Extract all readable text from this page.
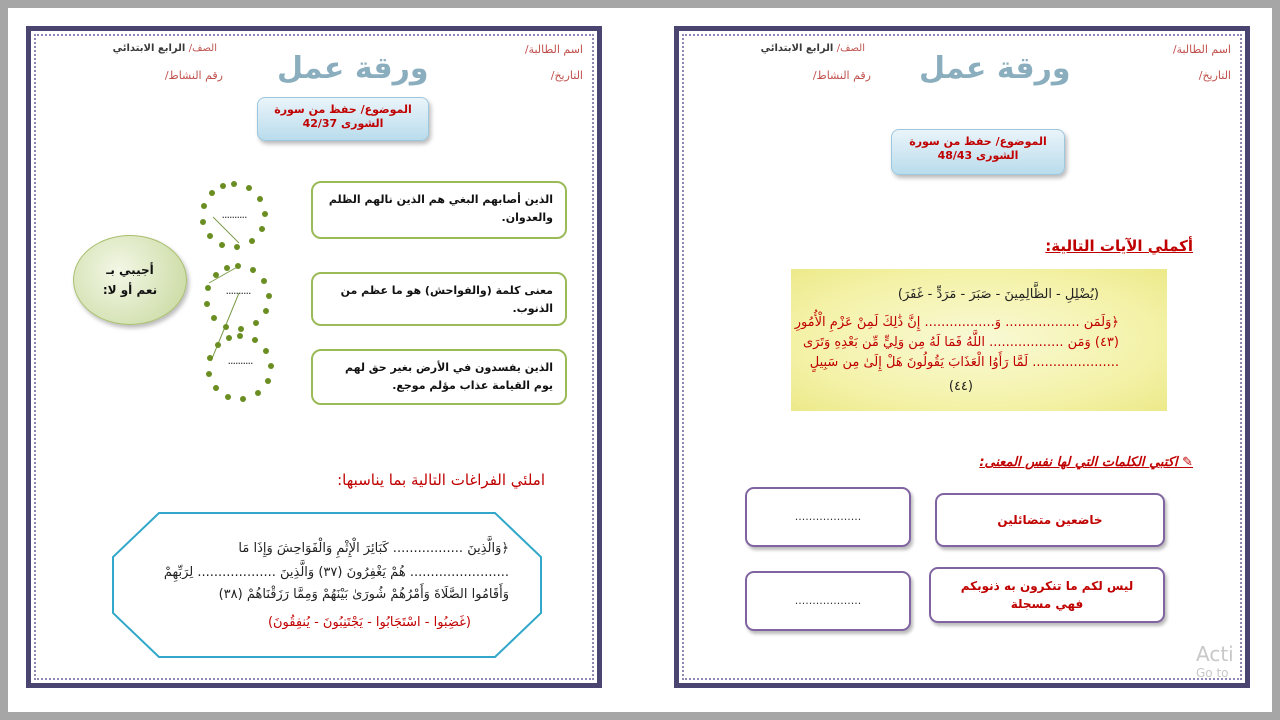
اسم الطالبة/
الصف/ الرابع الابتدائي
التاريخ/
رقم النشاط/ ورقة عمل
الموضوع/ حفظ من سورة
الشورى 42/37
الذين أصابهم البغي هم الذين نالهم الظلم والعدوان.
معنى كلمة (والفواحش) هو ما عظم من الذنوب.
الذين يفسدون في الأرض بغير حق لهم يوم القيامة عذاب مؤلم موجع.
..........
..........
..........
أجيبي بـ
نعم أو لا:
املئي الفراغات التالية بما يناسبها:
﴿وَالَّذِينَ ................. كَبَائِرَ الْإِثْمِ وَالْفَوَاحِشَ وَإِذَا مَا
........................ هُمْ يَغْفِرُونَ (٣٧) وَالَّذِينَ ................... لِرَبِّهِمْ
وَأَقَامُوا الصَّلَاةَ وَأَمْرُهُمْ شُورَىٰ بَيْنَهُمْ وَمِمَّا رَزَقْنَاهُمْ (٣٨)
(غَضِبُوا - اسْتَجَابُوا - يَجْتَنِبُونَ - يُنفِقُونَ)
اسم الطالبة/
الصف/ الرابع الابتدائي
التاريخ/
رقم النشاط/ ورقة عمل
الموضوع/ حفظ من سورة
الشورى 48/43
أكملي الآيات التالية:
(يُضْلِلِ - الظَّالِمِينَ - صَبَرَ - مَرَدٍّ - غَفَرَ)
﴿وَلَمَن .................. وَ................. إِنَّ ذَٰلِكَ لَمِنْ عَزْمِ الْأُمُورِ
(٤٣) وَمَن .................. اللَّهُ فَمَا لَهُ مِن وَلِيٍّ مِّن بَعْدِهِ وَتَرَى
..................... لَمَّا رَأَوُا الْعَذَابَ يَقُولُونَ هَلْ إِلَىٰ مِن سَبِيلٍ
(٤٤)
✎ اكتبي الكلمات التي لها نفس المعنى:
خاضعين متضائلين
...................
ليس لكم ما تنكرون به ذنوبكم فهي مسجلة
...................
Acti
Go to
